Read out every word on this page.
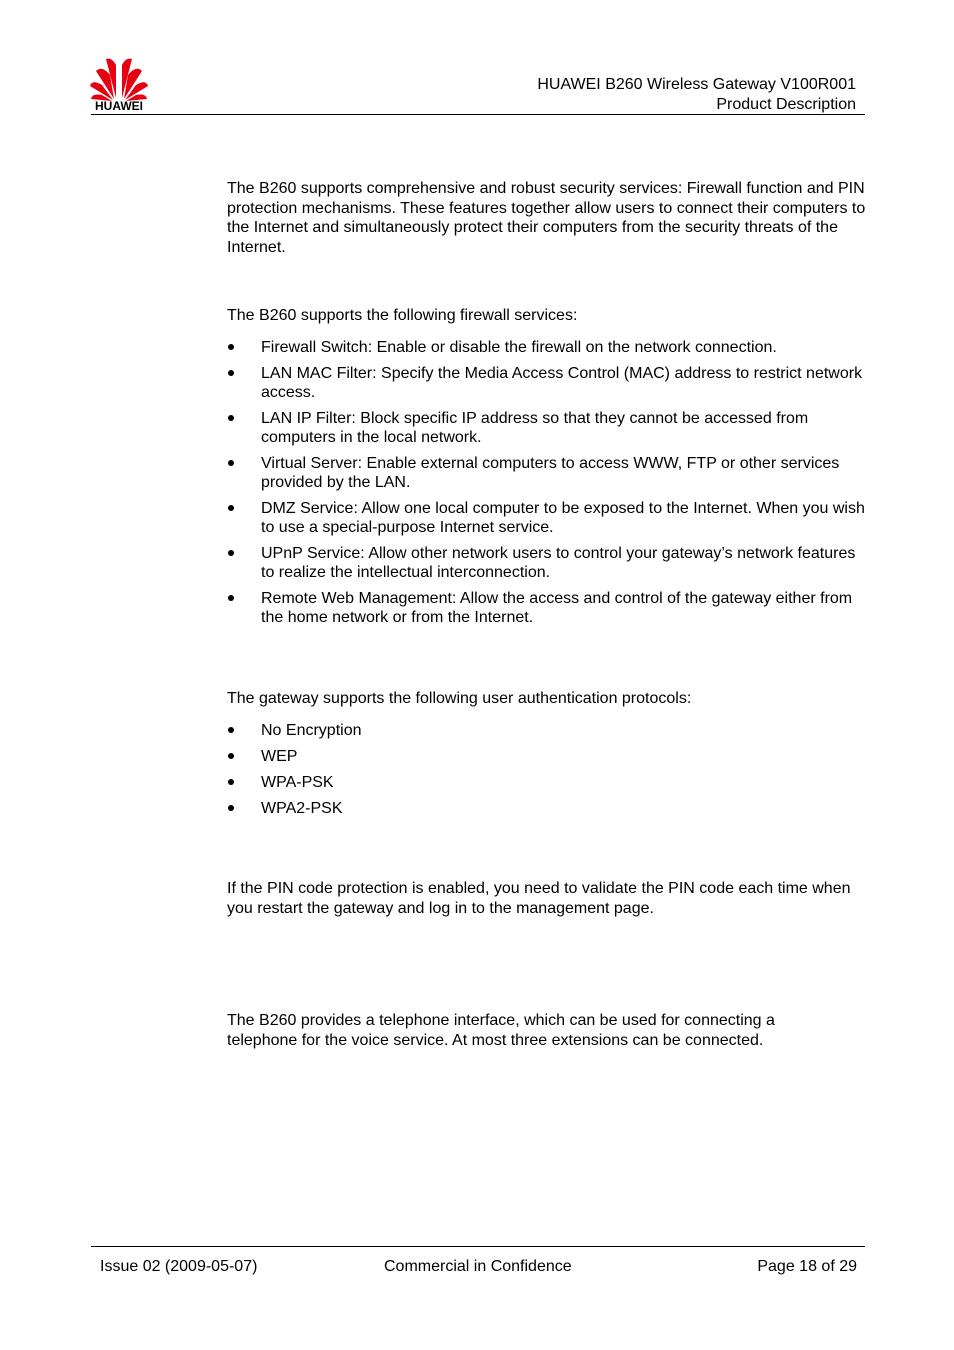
HUAWEI
HUAWEI B260 Wireless Gateway V100R001
Product Description
The B260 supports comprehensive and robust security services: Firewall function and PIN protection mechanisms. These features together allow users to connect their computers to the Internet and simultaneously protect their computers from the security threats of the Internet.
The B260 supports the following firewall services:
Firewall Switch: Enable or disable the firewall on the network connection.
LAN MAC Filter: Specify the Media Access Control (MAC) address to restrict network access.
LAN IP Filter: Block specific IP address so that they cannot be accessed from computers in the local network.
Virtual Server: Enable external computers to access WWW, FTP or other services provided by the LAN.
DMZ Service: Allow one local computer to be exposed to the Internet. When you wish to use a special-purpose Internet service.
UPnP Service: Allow other network users to control your gateway’s network features to realize the intellectual interconnection.
Remote Web Management: Allow the access and control of the gateway either from the home network or from the Internet.
The gateway supports the following user authentication protocols:
No Encryption
WEP
WPA-PSK
WPA2-PSK
If the PIN code protection is enabled, you need to validate the PIN code each time when you restart the gateway and log in to the management page.
The B260 provides a telephone interface, which can be used for connecting a telephone for the voice service. At most three extensions can be connected.
Issue 02 (2009-05-07)	Commercial in Confidence	Page 18 of 29
